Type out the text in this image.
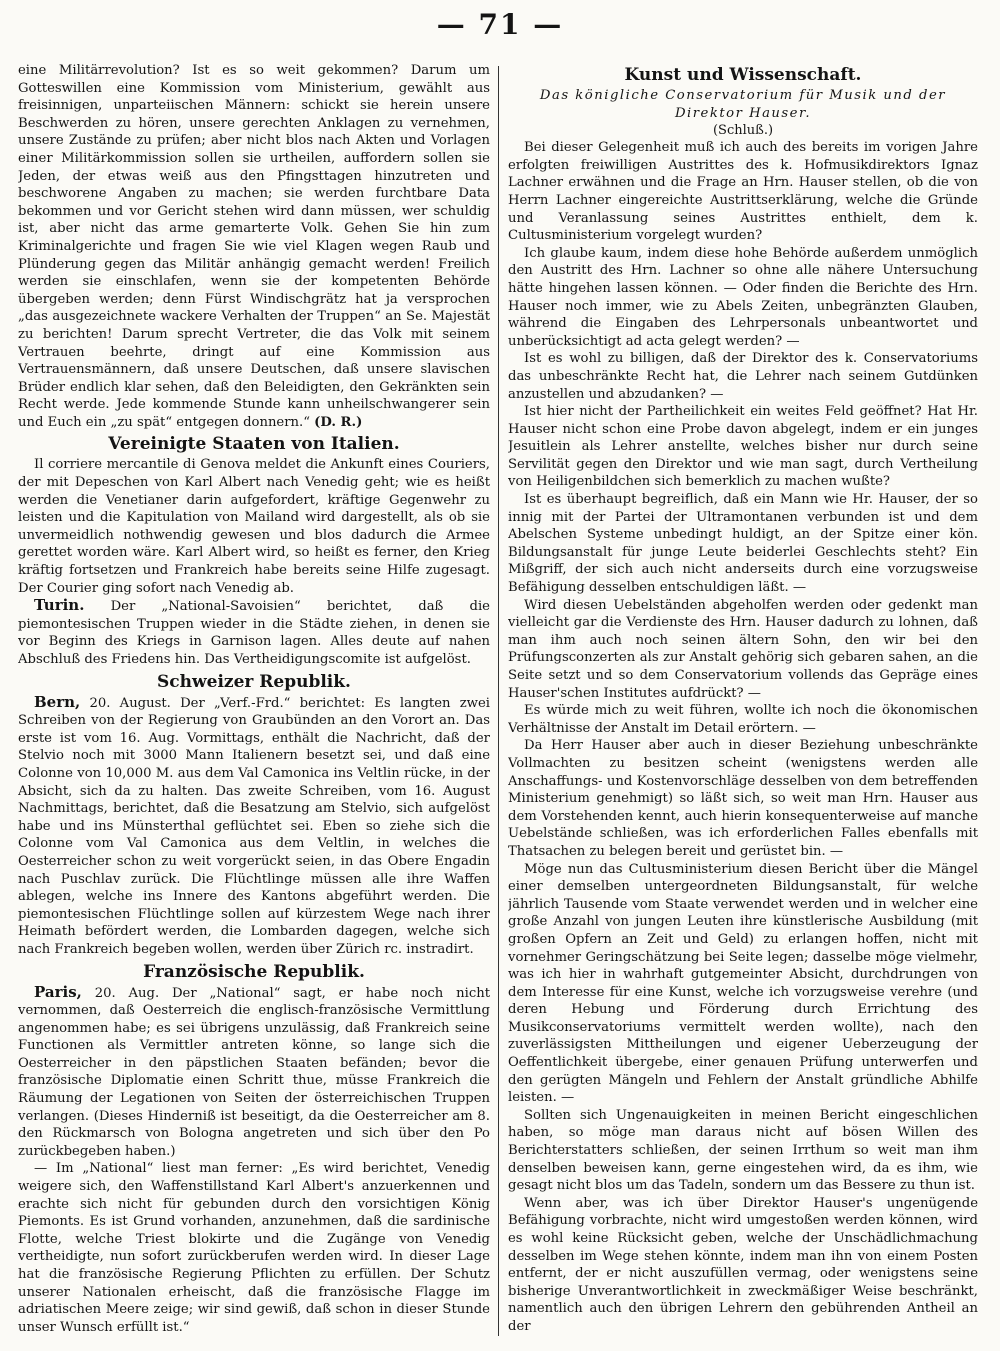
— 71 —

eine Militärrevolution? Ist es so weit gekommen? Darum um Gotteswillen eine Kommission vom Ministerium, gewählt aus freisinnigen, unparteiischen Männern: schickt sie herein unsere Beschwerden zu hören, unsere gerechten Anklagen zu vernehmen, unsere Zustände zu prüfen; aber nicht blos nach Akten und Vorlagen einer Militärkommission sollen sie urtheilen, auffordern sollen sie Jeden, der etwas weiß aus den Pfingsttagen hinzutreten und beschworene Angaben zu machen; sie werden furchtbare Data bekommen und vor Gericht stehen wird dann müssen, wer schuldig ist, aber nicht das arme gemarterte Volk. Gehen Sie hin zum Kriminalgerichte und fragen Sie wie viel Klagen wegen Raub und Plünderung gegen das Militär anhängig gemacht werden! Freilich werden sie einschlafen, wenn sie der kompetenten Behörde übergeben werden; denn Fürst Windischgrätz hat ja versprochen „das ausgezeichnete wackere Verhalten der Truppen“ an Se. Majestät zu berichten! Darum sprecht Vertreter, die das Volk mit seinem Vertrauen beehrte, dringt auf eine Kommission aus Vertrauensmännern, daß unsere Deutschen, daß unsere slavischen Brüder endlich klar sehen, daß den Beleidigten, den Gekränkten sein Recht werde. Jede kommende Stunde kann unheilschwangerer sein und Euch ein „zu spät“ entgegen donnern.“ (D. R.)

Vereinigte Staaten von Italien.

Il corriere mercantile di Genova meldet die Ankunft eines Couriers, der mit Depeschen von Karl Albert nach Venedig geht; wie es heißt werden die Venetianer darin aufgefordert, kräftige Gegenwehr zu leisten und die Kapitulation von Mailand wird dargestellt, als ob sie unvermeidlich nothwendig gewesen und blos dadurch die Armee gerettet worden wäre. Karl Albert wird, so heißt es ferner, den Krieg kräftig fortsetzen und Frankreich habe bereits seine Hilfe zugesagt. Der Courier ging sofort nach Venedig ab.

Turin. Der „National-Savoisien“ berichtet, daß die piemontesischen Truppen wieder in die Städte ziehen, in denen sie vor Beginn des Kriegs in Garnison lagen. Alles deute auf nahen Abschluß des Friedens hin. Das Vertheidigungscomite ist aufgelöst.

Schweizer Republik.

Bern, 20. August. Der „Verf.-Frd.“ berichtet: Es langten zwei Schreiben von der Regierung von Graubünden an den Vorort an. Das erste ist vom 16. Aug. Vormittags, enthält die Nachricht, daß der Stelvio noch mit 3000 Mann Italienern besetzt sei, und daß eine Colonne von 10,000 M. aus dem Val Camonica ins Veltlin rücke, in der Absicht, sich da zu halten. Das zweite Schreiben, vom 16. August Nachmittags, berichtet, daß die Besatzung am Stelvio, sich aufgelöst habe und ins Münsterthal geflüchtet sei. Eben so ziehe sich die Colonne vom Val Camonica aus dem Veltlin, in welches die Oesterreicher schon zu weit vorgerückt seien, in das Obere Engadin nach Puschlav zurück. Die Flüchtlinge müssen alle ihre Waffen ablegen, welche ins Innere des Kantons abgeführt werden. Die piemontesischen Flüchtlinge sollen auf kürzestem Wege nach ihrer Heimath befördert werden, die Lombarden dagegen, welche sich nach Frankreich begeben wollen, werden über Zürich rc. instradirt.

Französische Republik.

Paris, 20. Aug. Der „National“ sagt, er habe noch nicht vernommen, daß Oesterreich die englisch-französische Vermittlung angenommen habe; es sei übrigens unzulässig, daß Frankreich seine Functionen als Vermittler antreten könne, so lange sich die Oesterreicher in den päpstlichen Staaten befänden; bevor die französische Diplomatie einen Schritt thue, müsse Frankreich die Räumung der Legationen von Seiten der österreichischen Truppen verlangen. (Dieses Hinderniß ist beseitigt, da die Oesterreicher am 8. den Rückmarsch von Bologna angetreten und sich über den Po zurückbegeben haben.)

— Im „National“ liest man ferner: „Es wird berichtet, Venedig weigere sich, den Waffenstillstand Karl Albert's anzuerkennen und erachte sich nicht für gebunden durch den vorsichtigen König Piemonts. Es ist Grund vorhanden, anzunehmen, daß die sardinische Flotte, welche Triest blokirte und die Zugänge von Venedig vertheidigte, nun sofort zurückberufen werden wird. In dieser Lage hat die französische Regierung Pflichten zu erfüllen. Der Schutz unserer Nationalen erheischt, daß die französische Flagge im adriatischen Meere zeige; wir sind gewiß, daß schon in dieser Stunde unser Wunsch erfüllt ist.“

Kunst und Wissenschaft.
Das königliche Conservatorium für Musik und der Direktor Hauser.
(Schluß.)

Bei dieser Gelegenheit muß ich auch des bereits im vorigen Jahre erfolgten freiwilligen Austrittes des k. Hofmusikdirektors Ignaz Lachner erwähnen und die Frage an Hrn. Hauser stellen, ob die von Herrn Lachner eingereichte Austrittserklärung, welche die Gründe und Veranlassung seines Austrittes enthielt, dem k. Cultusministerium vorgelegt wurden?

Ich glaube kaum, indem diese hohe Behörde außerdem unmöglich den Austritt des Hrn. Lachner so ohne alle nähere Untersuchung hätte hingehen lassen können. — Oder finden die Berichte des Hrn. Hauser noch immer, wie zu Abels Zeiten, unbegränzten Glauben, während die Eingaben des Lehrpersonals unbeantwortet und unberücksichtigt ad acta gelegt werden? —

Ist es wohl zu billigen, daß der Direktor des k. Conservatoriums das unbeschränkte Recht hat, die Lehrer nach seinem Gutdünken anzustellen und abzudanken? —

Ist hier nicht der Partheilichkeit ein weites Feld geöffnet? Hat Hr. Hauser nicht schon eine Probe davon abgelegt, indem er ein junges Jesuitlein als Lehrer anstellte, welches bisher nur durch seine Servilität gegen den Direktor und wie man sagt, durch Vertheilung von Heiligenbildchen sich bemerklich zu machen wußte?

Ist es überhaupt begreiflich, daß ein Mann wie Hr. Hauser, der so innig mit der Partei der Ultramontanen verbunden ist und dem Abelschen Systeme unbedingt huldigt, an der Spitze einer kön. Bildungsanstalt für junge Leute beiderlei Geschlechts steht? Ein Mißgriff, der sich auch nicht anderseits durch eine vorzugsweise Befähigung desselben entschuldigen läßt. —

Wird diesen Uebelständen abgeholfen werden oder gedenkt man vielleicht gar die Verdienste des Hrn. Hauser dadurch zu lohnen, daß man ihm auch noch seinen ältern Sohn, den wir bei den Prüfungsconzerten als zur Anstalt gehörig sich gebaren sahen, an die Seite setzt und so dem Conservatorium vollends das Gepräge eines Hauser'schen Institutes aufdrückt? —

Es würde mich zu weit führen, wollte ich noch die ökonomischen Verhältnisse der Anstalt im Detail erörtern. —

Da Herr Hauser aber auch in dieser Beziehung unbeschränkte Vollmachten zu besitzen scheint (wenigstens werden alle Anschaffungs- und Kostenvorschläge desselben von dem betreffenden Ministerium genehmigt) so läßt sich, so weit man Hrn. Hauser aus dem Vorstehenden kennt, auch hierin konsequenterweise auf manche Uebelstände schließen, was ich erforderlichen Falles ebenfalls mit Thatsachen zu belegen bereit und gerüstet bin. —

Möge nun das Cultusministerium diesen Bericht über die Mängel einer demselben untergeordneten Bildungsanstalt, für welche jährlich Tausende vom Staate verwendet werden und in welcher eine große Anzahl von jungen Leuten ihre künstlerische Ausbildung (mit großen Opfern an Zeit und Geld) zu erlangen hoffen, nicht mit vornehmer Geringschätzung bei Seite legen; dasselbe möge vielmehr, was ich hier in wahrhaft gutgemeinter Absicht, durchdrungen von dem Interesse für eine Kunst, welche ich vorzugsweise verehre (und deren Hebung und Förderung durch Errichtung des Musikconservatoriums vermittelt werden wollte), nach den zuverlässigsten Mittheilungen und eigener Ueberzeugung der Oeffentlichkeit übergebe, einer genauen Prüfung unterwerfen und den gerügten Mängeln und Fehlern der Anstalt gründliche Abhilfe leisten. —

Sollten sich Ungenauigkeiten in meinen Bericht eingeschlichen haben, so möge man daraus nicht auf bösen Willen des Berichterstatters schließen, der seinen Irrthum so weit man ihm denselben beweisen kann, gerne eingestehen wird, da es ihm, wie gesagt nicht blos um das Tadeln, sondern um das Bessere zu thun ist.

Wenn aber, was ich über Direktor Hauser's ungenügende Befähigung vorbrachte, nicht wird umgestoßen werden können, wird es wohl keine Rücksicht geben, welche der Unschädlichmachung desselben im Wege stehen könnte, indem man ihn von einem Posten entfernt, der er nicht auszufüllen vermag, oder wenigstens seine bisherige Unverantwortlichkeit in zweckmäßiger Weise beschränkt, namentlich auch den übrigen Lehrern den gebührenden Antheil an der
